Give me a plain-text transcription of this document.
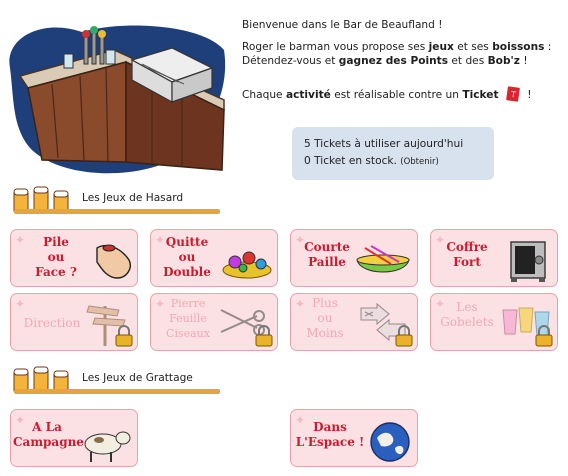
Bienvenue dans le Bar de Beaufland !
Roger le barman vous propose ses jeux et ses boissons :
Détendez-vous et gagnez des Points et des Bob'z !
Chaque activité est réalisable contre un Ticket T !
5 Tickets à utiliser aujourd'hui
0 Ticket en stock. (Obtenir)
Les Jeux de Hasard
✦	Pile
ou
Face ?
✦ Quitte
ou
Double
✦ Courte
Paille
✦ Coffre
Fort
✦
Direction
✦ Pierre
Feuille
Ciseaux
✦ Plus
ou
Moins
✦ Les
Gobelets
Les Jeux de Grattage
✦ A La
Campagne
✦ Dans
L'Espace !
